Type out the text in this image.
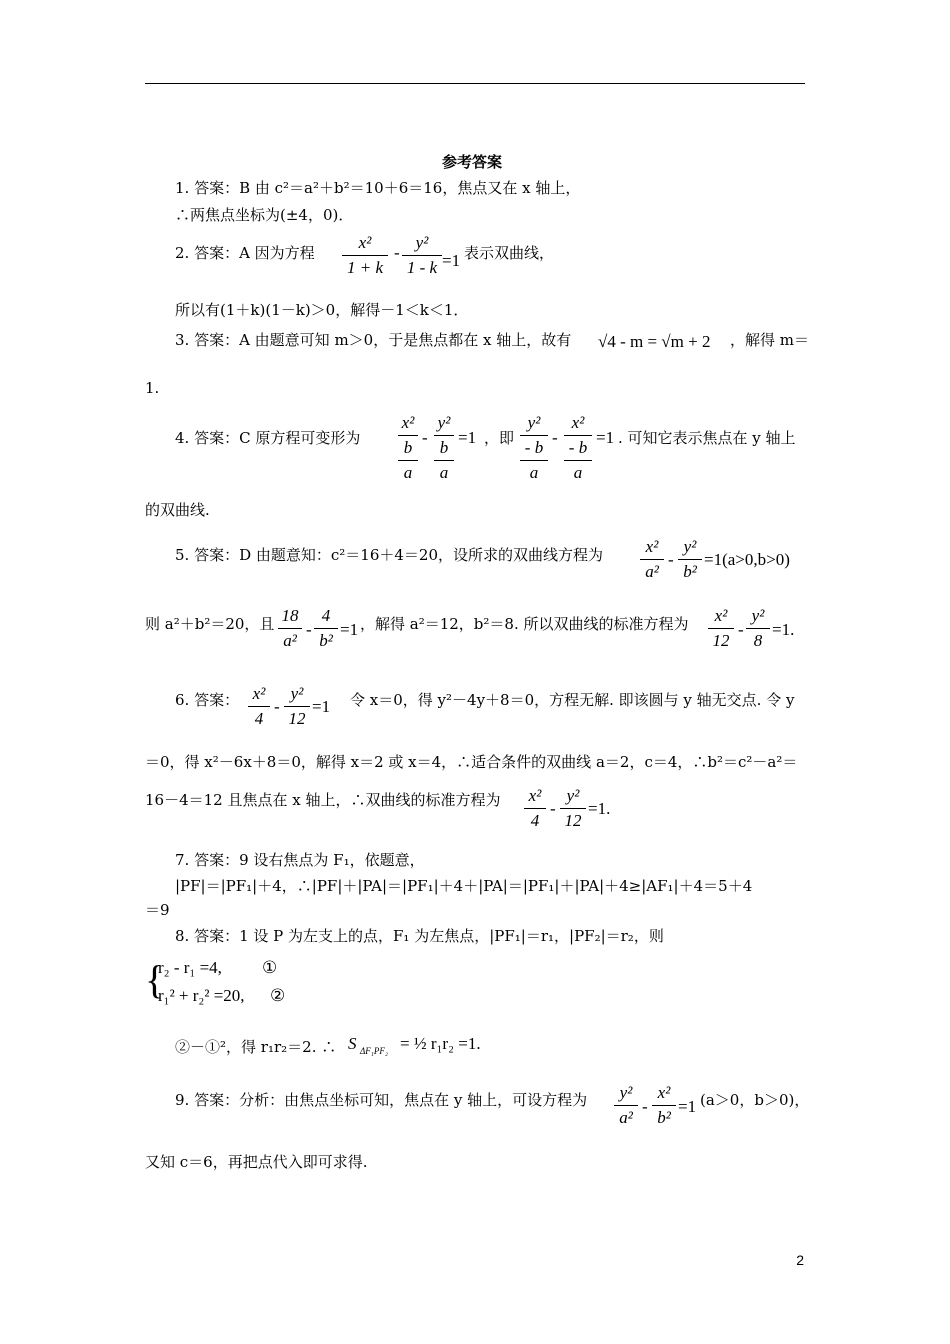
参考答案
1. 答案：B 由 c²＝a²＋b²＝10＋6＝16，焦点又在 x 轴上，
∴两焦点坐标为(±4，0)．
2. 答案：A 因为方程
x²
1 + k
-
y²
1 - k =1 表示双曲线，
所以有(1＋k)(1－k)＞0，解得－1＜k＜1．
3. 答案：A 由题意可知 m＞0，于是焦点都在 x 轴上，故有 √4 - m = √m + 2 ，解得 m＝
1.
4. 答案：C 原方程可变形为
x²
b
a
-
y²
b
a
=1 ，即
y²
- b
a
-
x²
- b
a
=1 . 可知它表示焦点在 y 轴上
的双曲线.
5. 答案：D 由题意知：c²＝16＋4＝20，设所求的双曲线方程为	x²
a²
-
y²
b²
=1(a>0,b>0)
则 a²＋b²＝20，且 18
a²
-
4
b²
=1 ，解得 a²＝12，b²＝8. 所以双曲线的标准方程为	x²
12
-
y²
8
=1.
6. 答案： x²
4
-
y²
12
=1 令 x＝0，得 y²－4y＋8＝0，方程无解. 即该圆与 y 轴无交点. 令 y
＝0，得 x²－6x＋8＝0，解得 x＝2 或 x＝4，∴适合条件的双曲线 a＝2，c＝4，∴b²＝c²－a²＝
16－4＝12 且焦点在 x 轴上，∴双曲线的标准方程为 x²
4
-
y²
12
=1.
7. 答案：9 设右焦点为 F₁，依题意，
|PF|＝|PF₁|＋4，∴|PF|＋|PA|＝|PF₁|＋4＋|PA|＝|PF₁|＋|PA|＋4≥|AF₁|＋4＝5＋4
＝9
8. 答案：1 设 P 为左支上的点，F₁ 为左焦点，|PF₁|＝r₁，|PF₂|＝r₂，则
{
r₂ - r₁ =4, ①
r₁² + r₂² =20, ②
②－①²，得 r₁r₂＝2. ∴ S ΔF₁PF₂ = ½ r₁r₂ =1.
9. 答案：分析：由焦点坐标可知，焦点在 y 轴上，可设方程为	y²
a²
-
x²
b²
=1 (a＞0，b＞0)，
又知 c＝6，再把点代入即可求得.
2
